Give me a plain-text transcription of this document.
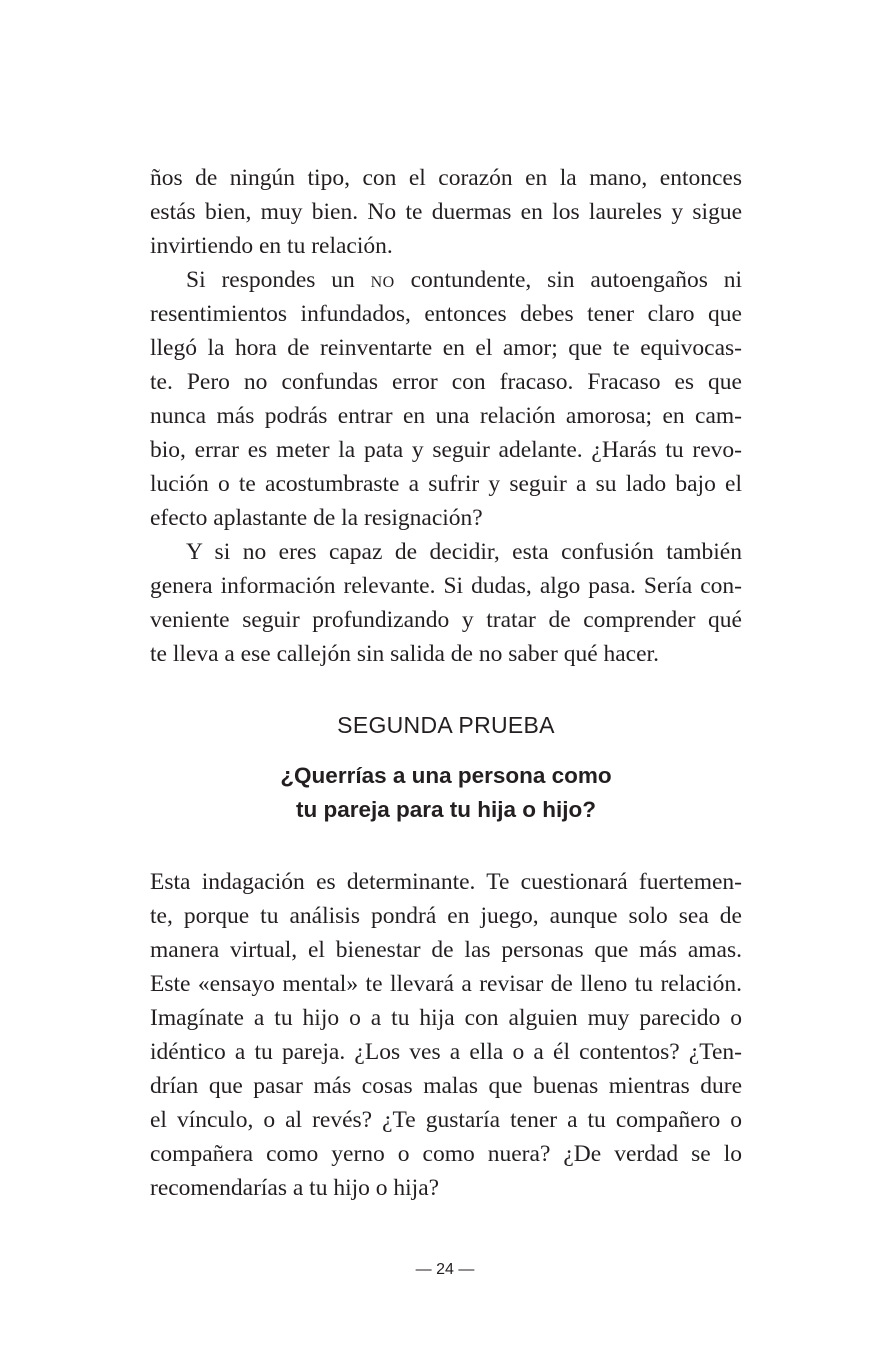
ños de ningún tipo, con el corazón en la mano, entonces
estás bien, muy bien. No te duermas en los laureles y sigue
invirtiendo en tu relación.
Si respondes un no contundente, sin autoengaños ni
resentimientos infundados, entonces debes tener claro que
llegó la hora de reinventarte en el amor; que te equivocas-
te. Pero no confundas error con fracaso. Fracaso es que
nunca más podrás entrar en una relación amorosa; en cam-
bio, errar es meter la pata y seguir adelante. ¿Harás tu revo-
lución o te acostumbraste a sufrir y seguir a su lado bajo el
efecto aplastante de la resignación?
Y si no eres capaz de decidir, esta confusión también
genera información relevante. Si dudas, algo pasa. Sería con-
veniente seguir profundizando y tratar de comprender qué
te lleva a ese callejón sin salida de no saber qué hacer.
SEGUNDA PRUEBA
¿Querrías a una persona como
tu pareja para tu hija o hijo?
Esta indagación es determinante. Te cuestionará fuertemen-
te, porque tu análisis pondrá en juego, aunque solo sea de
manera virtual, el bienestar de las personas que más amas.
Este «ensayo mental» te llevará a revisar de lleno tu relación.
Imagínate a tu hijo o a tu hija con alguien muy parecido o
idéntico a tu pareja. ¿Los ves a ella o a él contentos? ¿Ten-
drían que pasar más cosas malas que buenas mientras dure
el vínculo, o al revés? ¿Te gustaría tener a tu compañero o
compañera como yerno o como nuera? ¿De verdad se lo
recomendarías a tu hijo o hija?
— 24 —
